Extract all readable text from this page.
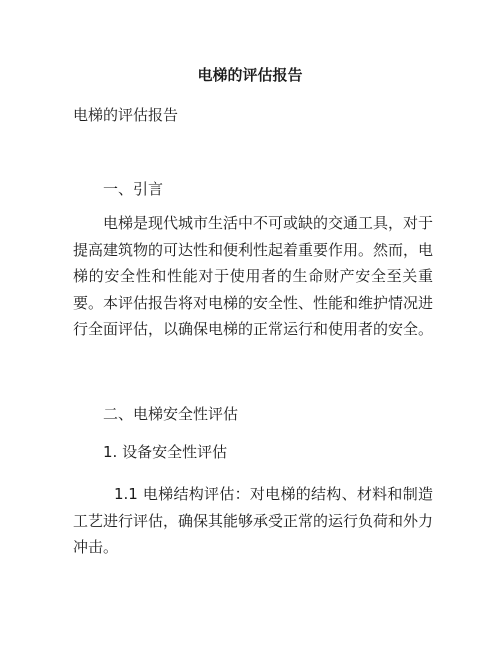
电梯的评估报告

电梯的评估报告

一、引言

电梯是现代城市生活中不可或缺的交通工具，对于提高建筑物的可达性和便利性起着重要作用。然而，电梯的安全性和性能对于使用者的生命财产安全至关重要。本评估报告将对电梯的安全性、性能和维护情况进行全面评估，以确保电梯的正常运行和使用者的安全。

二、电梯安全性评估

1. 设备安全性评估

1.1 电梯结构评估：对电梯的结构、材料和制造工艺进行评估，确保其能够承受正常的运行负荷和外力冲击。
